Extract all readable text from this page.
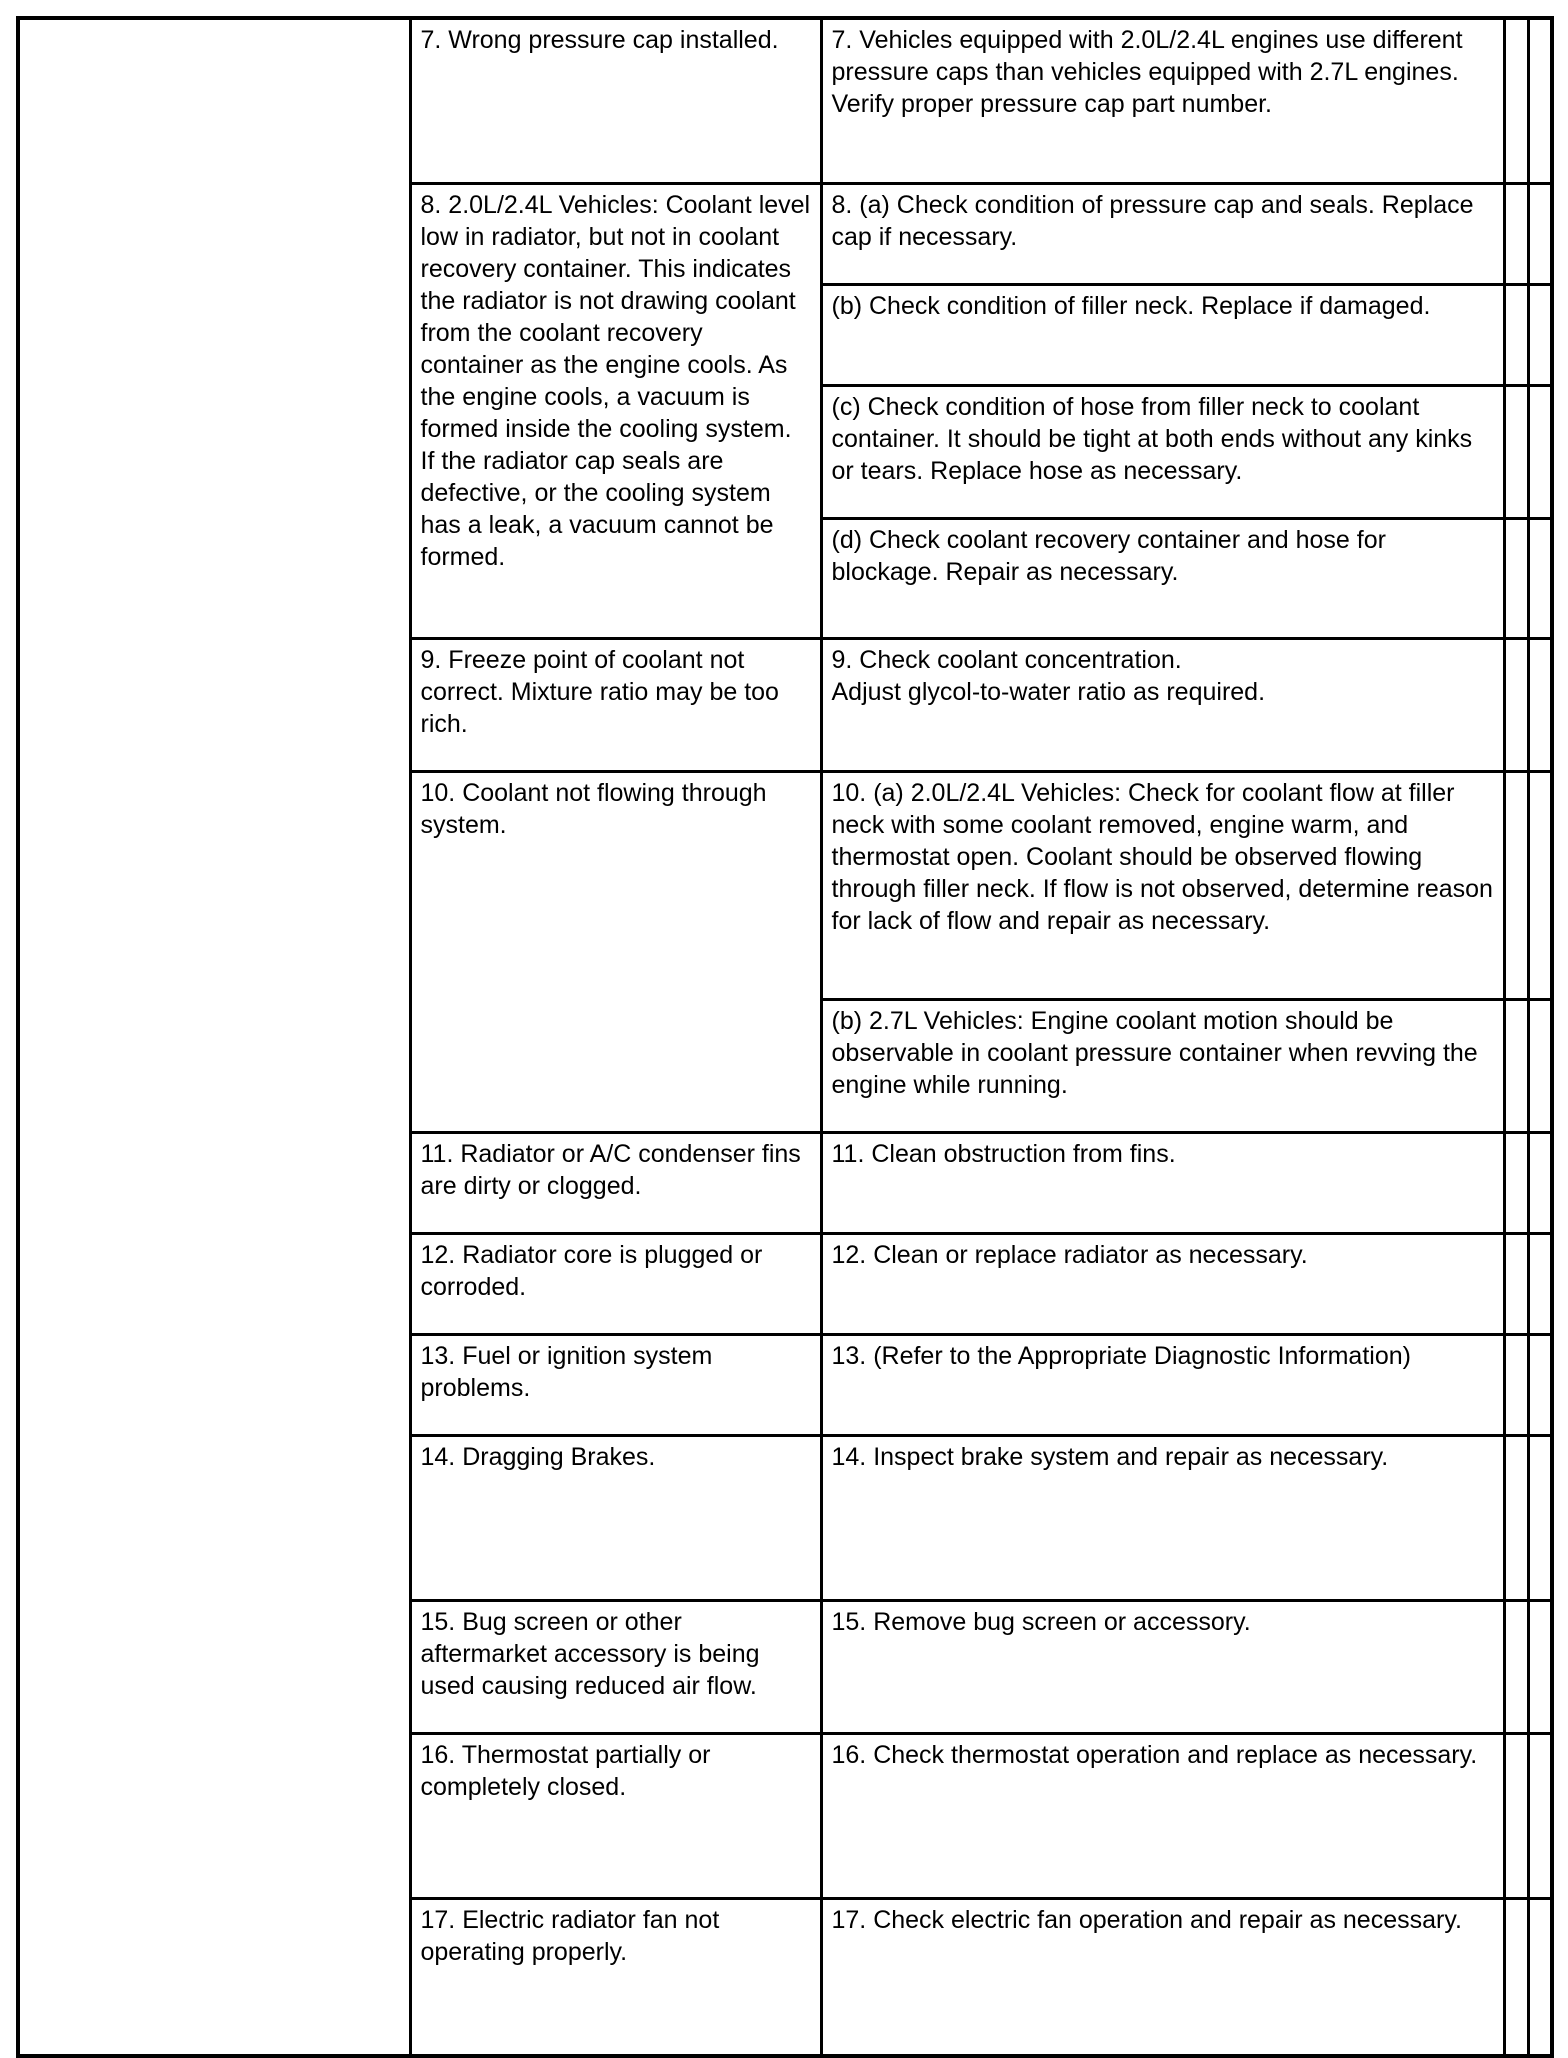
	7. Wrong pressure cap installed.	7. Vehicles equipped with 2.0L/2.4L engines use different pressure caps than vehicles equipped with 2.7L engines. Verify proper pressure cap part number.		
	8. 2.0L/2.4L Vehicles: Coolant level low in radiator, but not in coolant recovery container. This indicates the radiator is not drawing coolant from the coolant recovery container as the engine cools. As the engine cools, a vacuum is formed inside the cooling system. If the radiator cap seals are defective, or the cooling system has a leak, a vacuum cannot be formed.	8. (a) Check condition of pressure cap and seals. Replace cap if necessary.		
		(b) Check condition of filler neck. Replace if damaged.		
		(c) Check condition of hose from filler neck to coolant container. It should be tight at both ends without any kinks or tears. Replace hose as necessary.		
		(d) Check coolant recovery container and hose for blockage. Repair as necessary.		
	9. Freeze point of coolant not correct. Mixture ratio may be too rich.	9. Check coolant concentration.
Adjust glycol-to-water ratio as required.		
	10. Coolant not flowing through system.	10. (a) 2.0L/2.4L Vehicles: Check for coolant flow at filler neck with some coolant removed, engine warm, and thermostat open. Coolant should be observed flowing through filler neck. If flow is not observed, determine reason for lack of flow and repair as necessary.		
		(b) 2.7L Vehicles: Engine coolant motion should be observable in coolant pressure container when revving the engine while running.		
	11. Radiator or A/C condenser fins are dirty or clogged.	11. Clean obstruction from fins.		
	12. Radiator core is plugged or corroded.	12. Clean or replace radiator as necessary.		
	13. Fuel or ignition system problems.	13. (Refer to the Appropriate Diagnostic Information)		
	14. Dragging Brakes.	14. Inspect brake system and repair as necessary.		
	15. Bug screen or other aftermarket accessory is being used causing reduced air flow.	15. Remove bug screen or accessory.		
	16. Thermostat partially or completely closed.	16. Check thermostat operation and replace as necessary.		
	17. Electric radiator fan not operating properly.	17. Check electric fan operation and repair as necessary.		
